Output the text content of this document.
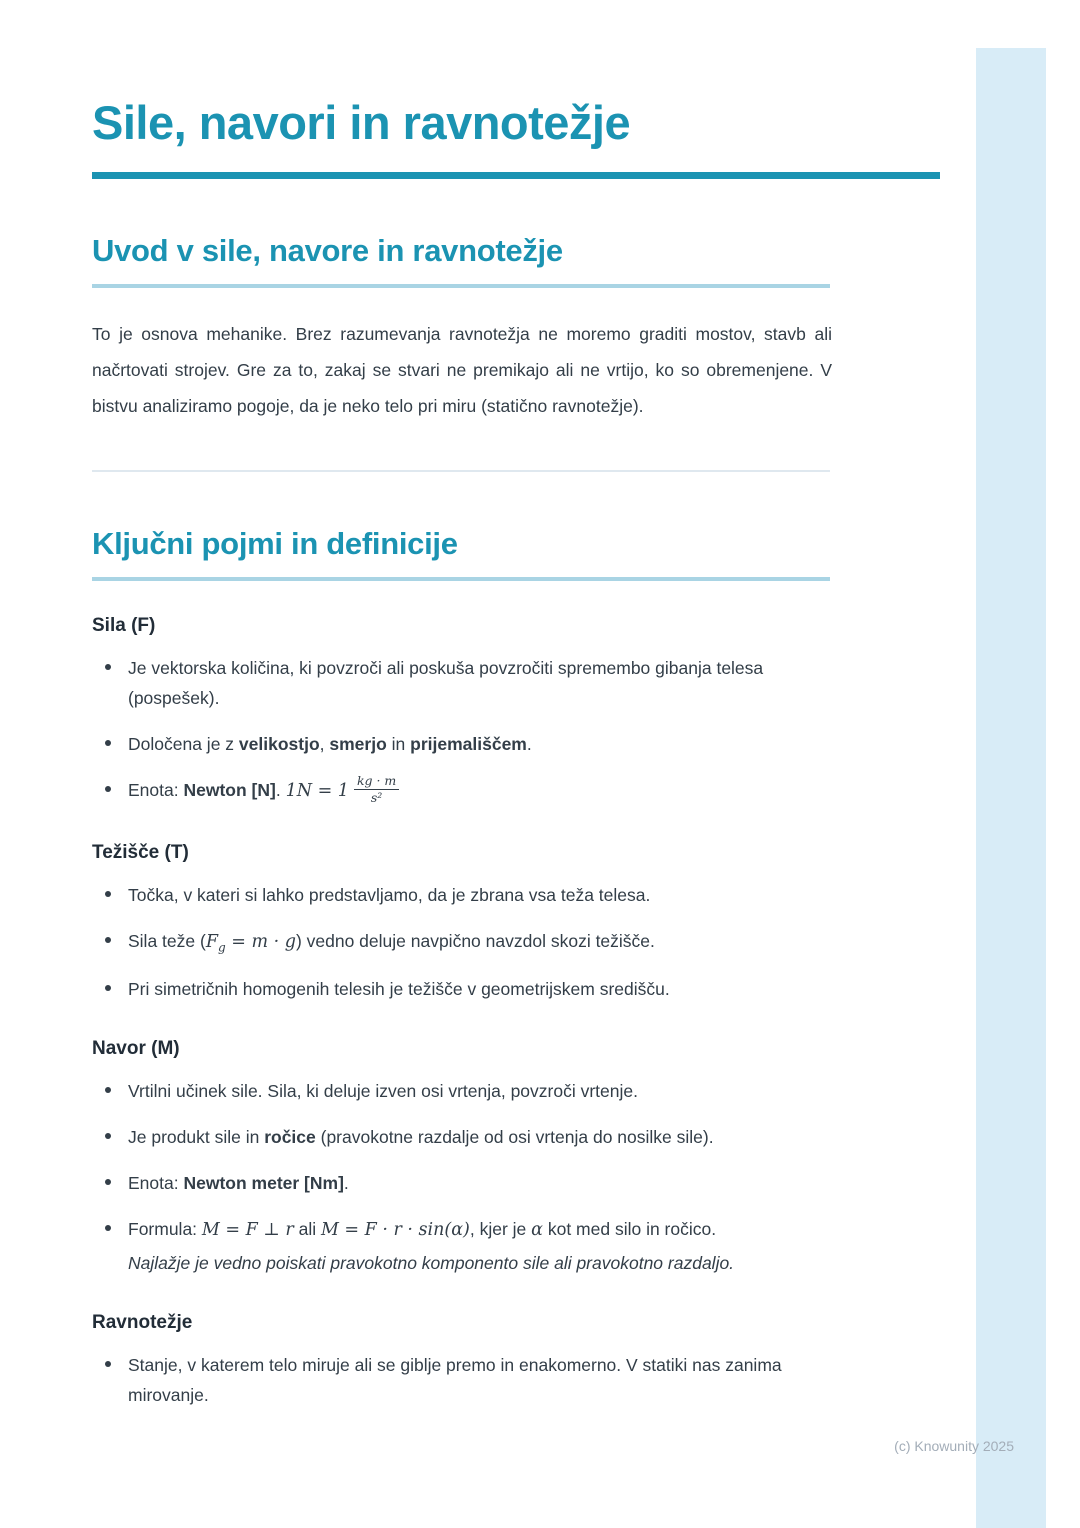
(c) Knowunity 2025
Sile, navori in ravnotežje
Uvod v sile, navore in ravnotežje

To je osnova mehanike. Brez razumevanja ravnotežja ne moremo graditi mostov, stavb ali načrtovati strojev. Gre za to, zakaj se stvari ne premikajo ali ne vrtijo, ko so obremenjene. V bistvu analiziramo pogoje, da je neko telo pri miru (statično ravnotežje).

Ključni pojmi in definicije
Sila (F)
Je vektorska količina, ki povzroči ali poskuša povzročiti spremembo gibanja telesa (pospešek).
Določena je z velikostjo, smerjo in prijemališčem.
Enota: Newton [N]. $1N = 1 \frac{kg \cdot m}{\text{s²}}$
Težišče (T)
Točka, v kateri si lahko predstavljamo, da je zbrana vsa teža telesa.
Sila teže $(F_g = m \cdot g)$ vedno deluje navpično navzdol skozi težišče.
Pri simetričnih homogenih telesih je težišče v geometrijskem središču.
Navor (M)
Vrtilni učinek sile. Sila, ki deluje izven osi vrtenja, povzroči vrtenje.
Je produkt sile in ročice (pravokotne razdalje od osi vrtenja do nosilke sile).
Enota: Newton meter [Nm].
Formula: M = F ⊥ r ali M = F · r · sin(α), kjer je α kot med silo in ročico.
Najlažje je vedno poiskati pravokotno komponento sile ali pravokotno razdaljo.
Ravnotežje
Stanje, v katerem telo miruje ali se giblje premo in enakomerno. V statiki nas zanima mirovanje.
